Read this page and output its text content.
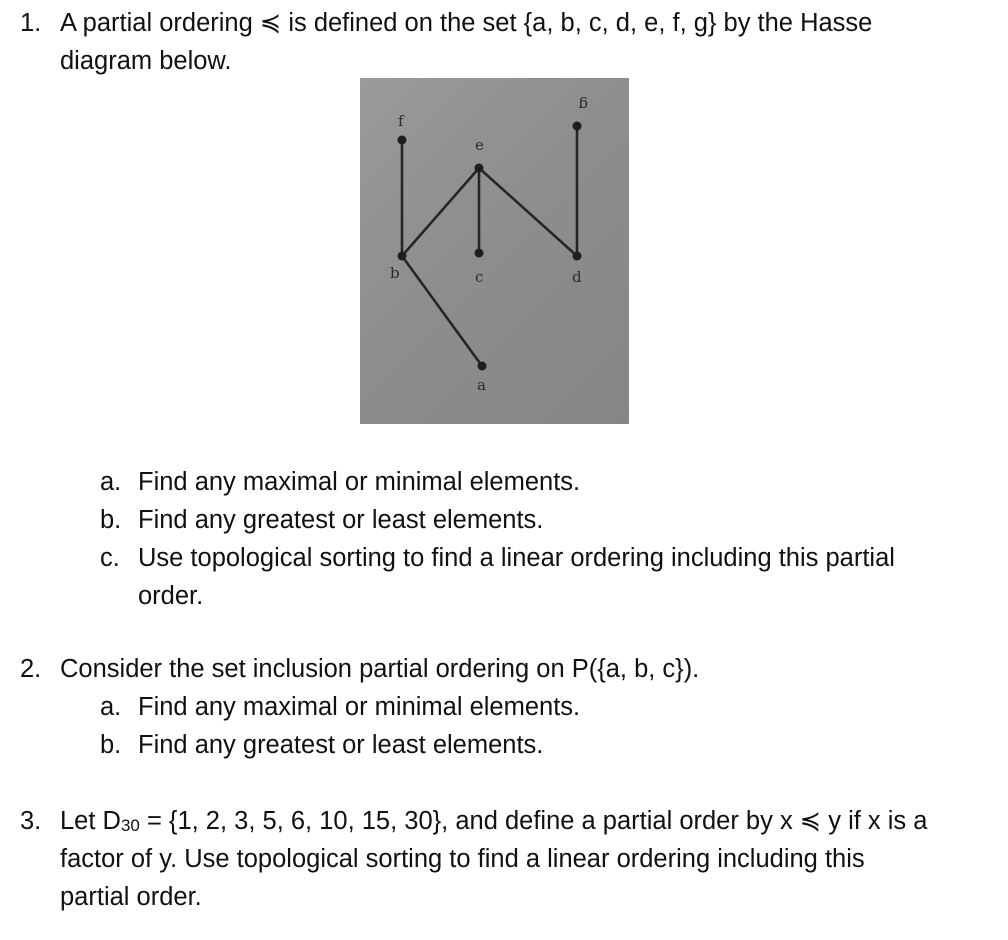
1. A partial ordering ≼ is defined on the set {a, b, c, d, e, f, g} by the Hasse
diagram below.
f
g
e
b	c	d
a
a. Find any maximal or minimal elements.
b. Find any greatest or least elements.
c. Use topological sorting to find a linear ordering including this partial
order.
2. Consider the set inclusion partial ordering on P({a, b, c}).
a. Find any maximal or minimal elements.
b. Find any greatest or least elements.
3. Let D30 = {1, 2, 3, 5, 6, 10, 15, 30}, and define a partial order by x ≼ y if x is a
factor of y. Use topological sorting to find a linear ordering including this
partial order.
